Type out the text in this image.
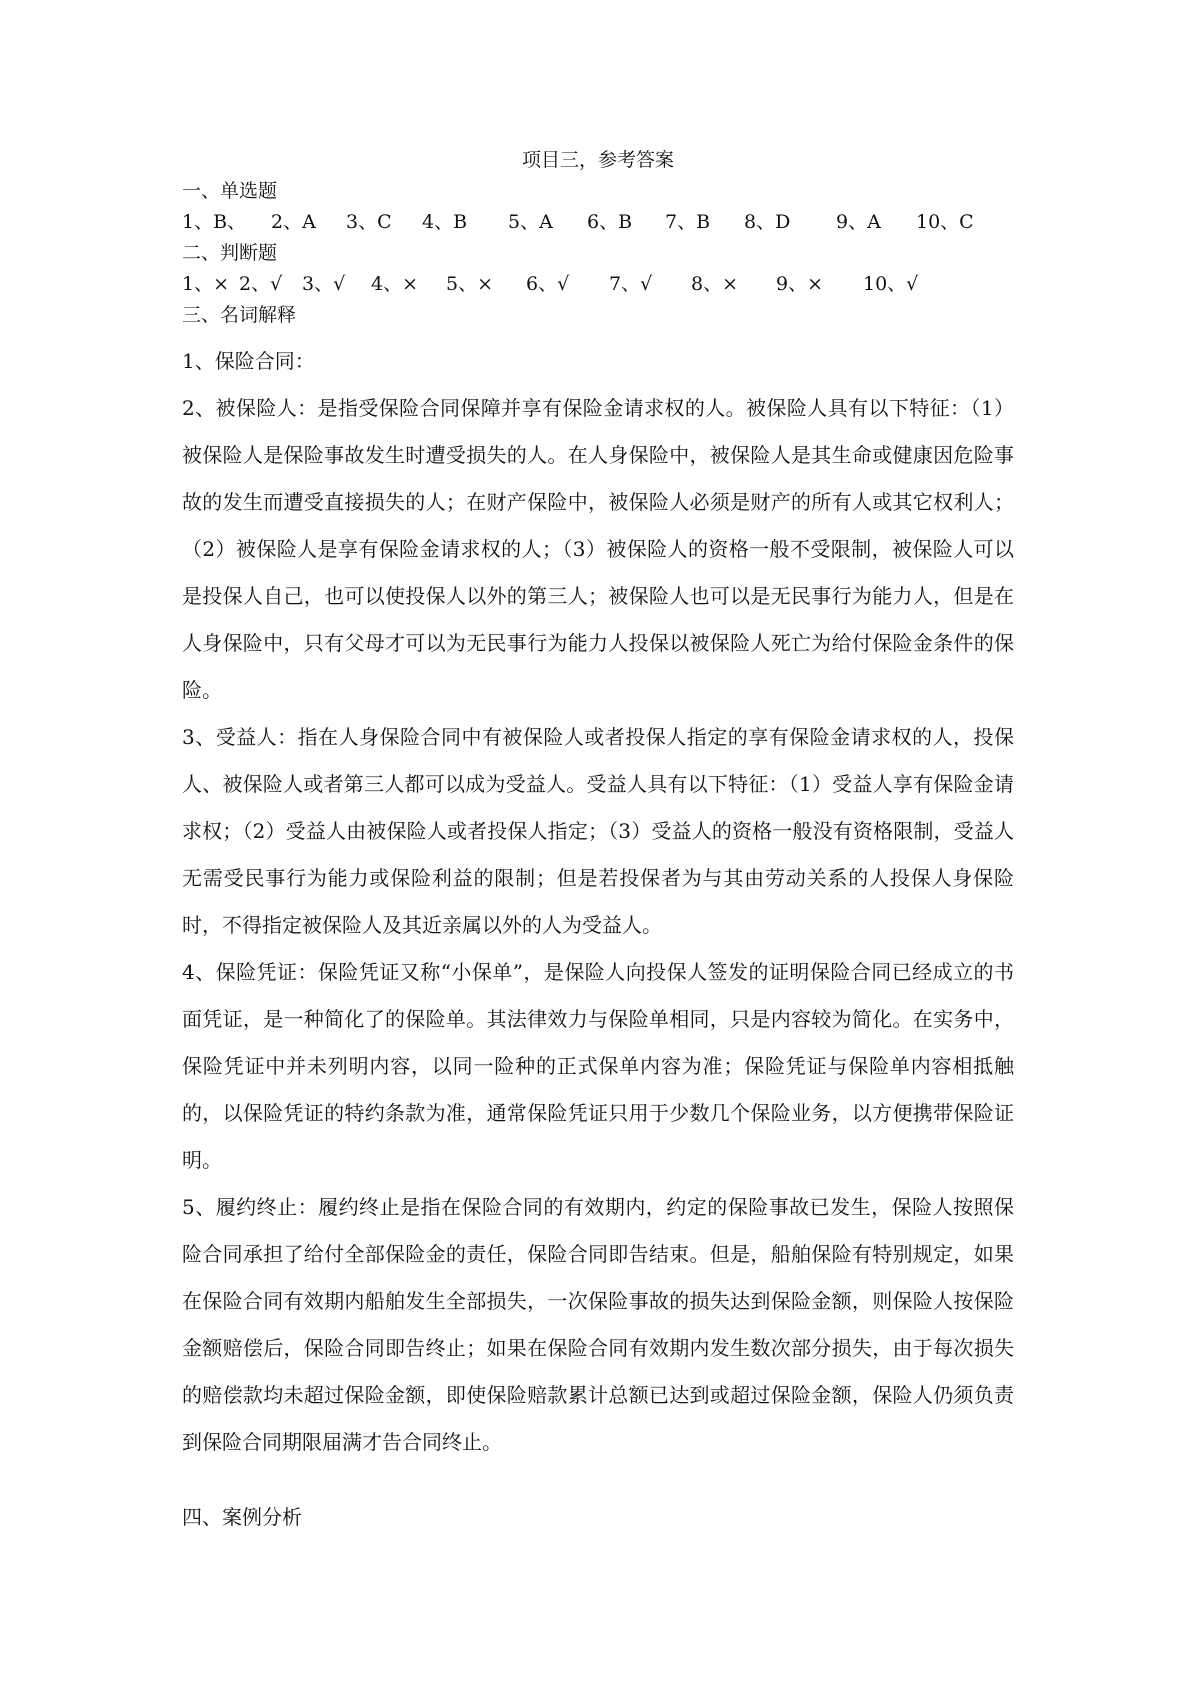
项目三，参考答案

一、单选题

1、B、	2、A	3、C	4、B	5、A	6、B	7、B	8、D	9、A	10、C

二、判断题

1、× 2、√	3、√	4、×	5、×	6、√	7、√	8、×	9、×	10、√

三、名词解释

1、保险合同：

2、被保险人：是指受保险合同保障并享有保险金请求权的人。被保险人具有以下特征：（1）被保险人是保险事故发生时遭受损失的人。在人身保险中，被保险人是其生命或健康因危险事故的发生而遭受直接损失的人；在财产保险中，被保险人必须是财产的所有人或其它权利人；（2）被保险人是享有保险金请求权的人；（3）被保险人的资格一般不受限制，被保险人可以是投保人自己，也可以使投保人以外的第三人；被保险人也可以是无民事行为能力人，但是在人身保险中，只有父母才可以为无民事行为能力人投保以被保险人死亡为给付保险金条件的保险。

3、受益人：指在人身保险合同中有被保险人或者投保人指定的享有保险金请求权的人，投保人、被保险人或者第三人都可以成为受益人。受益人具有以下特征：（1）受益人享有保险金请求权；（2）受益人由被保险人或者投保人指定；（3）受益人的资格一般没有资格限制，受益人无需受民事行为能力或保险利益的限制；但是若投保者为与其由劳动关系的人投保人身保险时，不得指定被保险人及其近亲属以外的人为受益人。

4、保险凭证：保险凭证又称“小保单”，是保险人向投保人签发的证明保险合同已经成立的书面凭证，是一种简化了的保险单。其法律效力与保险单相同，只是内容较为简化。在实务中，保险凭证中并未列明内容，以同一险种的正式保单内容为准；保险凭证与保险单内容相抵触的，以保险凭证的特约条款为准，通常保险凭证只用于少数几个保险业务，以方便携带保险证明。

5、履约终止：履约终止是指在保险合同的有效期内，约定的保险事故已发生，保险人按照保险合同承担了给付全部保险金的责任，保险合同即告结束。但是，船舶保险有特别规定，如果在保险合同有效期内船舶发生全部损失，一次保险事故的损失达到保险金额，则保险人按保险金额赔偿后，保险合同即告终止；如果在保险合同有效期内发生数次部分损失，由于每次损失的赔偿款均未超过保险金额，即使保险赔款累计总额已达到或超过保险金额，保险人仍须负责到保险合同期限届满才告合同终止。

四、案例分析
